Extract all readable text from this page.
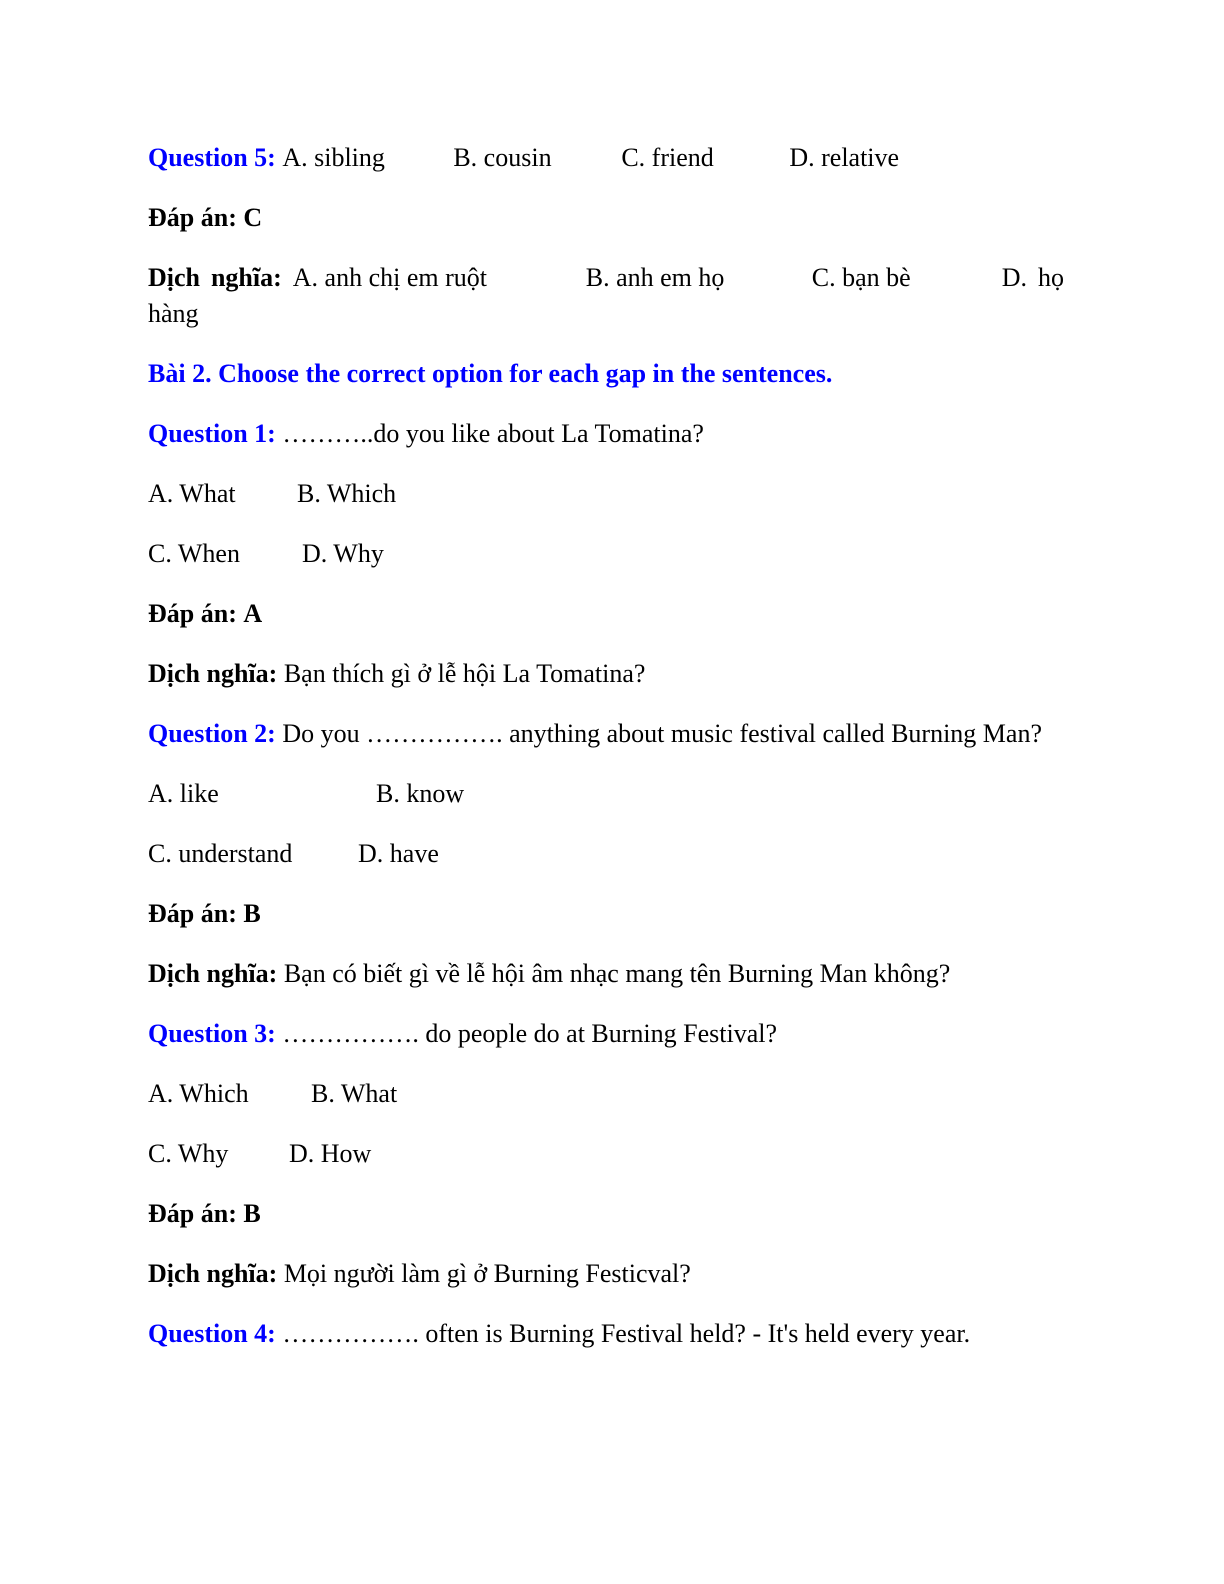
Question 5: A. sibling	B. cousin	C. friend	D. relative
Đáp án: C
Dịch nghĩa: A. anh chị em ruột	B. anh em họ	C. bạn bè	D. họ hàng
Bài 2. Choose the correct option for each gap in the sentences.
Question 1: ………..do you like about La Tomatina?
A. What B. Which
C. When D. Why
Đáp án: A
Dịch nghĩa: Bạn thích gì ở lễ hội La Tomatina?
Question 2: Do you ……………. anything about music festival called Burning Man?
A. like	B. know
C. understand	D. have
Đáp án: B
Dịch nghĩa: Bạn có biết gì về lễ hội âm nhạc mang tên Burning Man không?
Question 3: ……………. do people do at Burning Festival?
A. Which B. What
C. Why D. How
Đáp án: B
Dịch nghĩa: Mọi người làm gì ở Burning Festicval?
Question 4: ……………. often is Burning Festival held? - It's held every year.
